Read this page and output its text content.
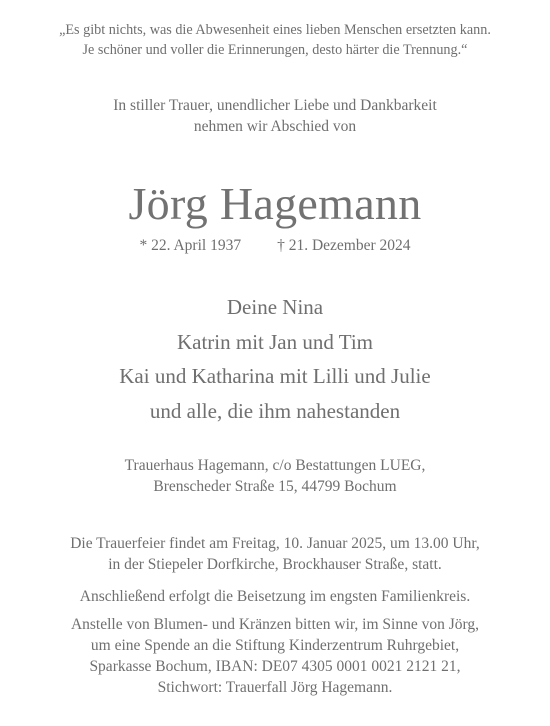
„Es gibt nichts, was die Abwesenheit eines lieben Menschen ersetzten kann.
Je schöner und voller die Erinnerungen, desto härter die Trennung.“
In stiller Trauer, unendlicher Liebe und Dankbarkeit
nehmen wir Abschied von
Jörg Hagemann
* 22. April 1937 † 21. Dezember 2024
Deine Nina
Katrin mit Jan und Tim
Kai und Katharina mit Lilli und Julie
und alle, die ihm nahestanden
Trauerhaus Hagemann, c/o Bestattungen LUEG,
Brenscheder Straße 15, 44799 Bochum
Die Trauerfeier findet am Freitag, 10. Januar 2025, um 13.00 Uhr,
in der Stiepeler Dorfkirche, Brockhauser Straße, statt.
Anschließend erfolgt die Beisetzung im engsten Familienkreis.
Anstelle von Blumen- und Kränzen bitten wir, im Sinne von Jörg,
um eine Spende an die Stiftung Kinderzentrum Ruhrgebiet,
Sparkasse Bochum, IBAN: DE07 4305 0001 0021 2121 21,
Stichwort: Trauerfall Jörg Hagemann.
